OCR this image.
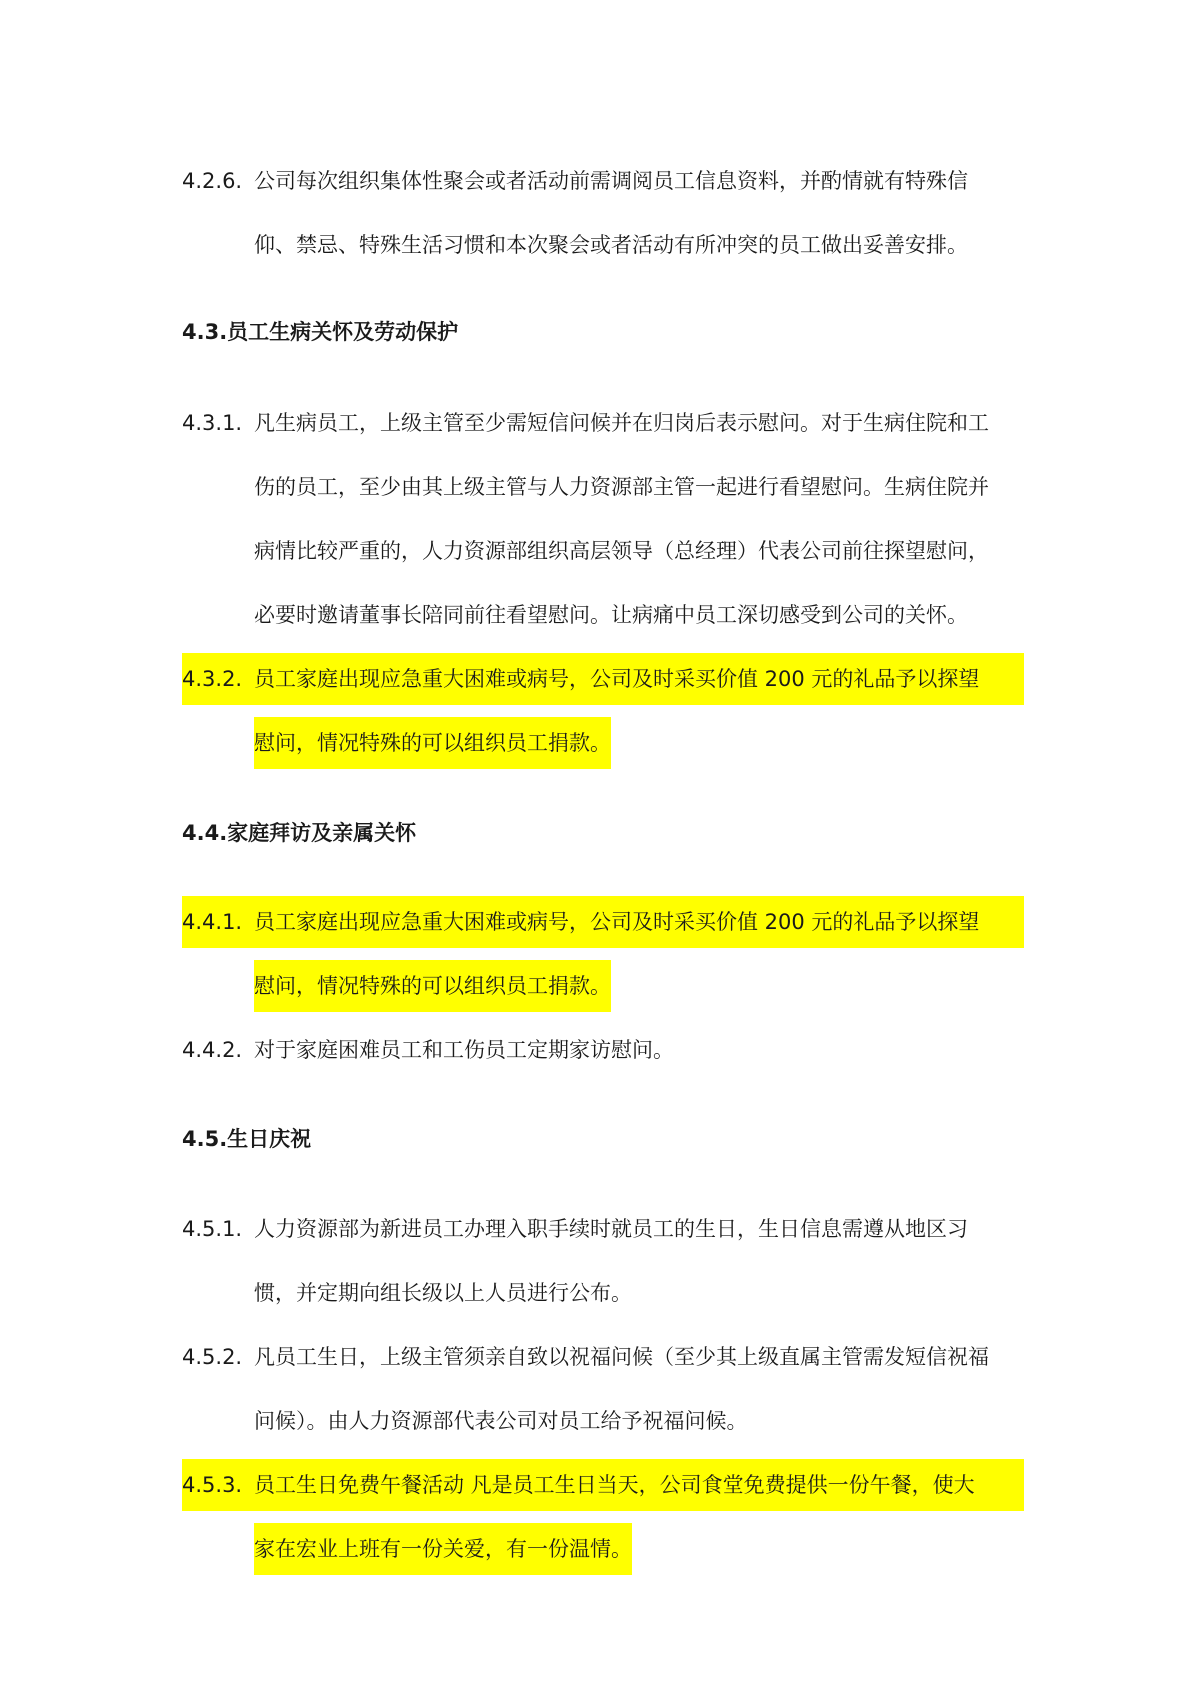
4.2.6. 公司每次组织集体性聚会或者活动前需调阅员工信息资料，并酌情就有特殊信
仰、禁忌、特殊生活习惯和本次聚会或者活动有所冲突的员工做出妥善安排。
4.3.员工生病关怀及劳动保护
4.3.1. 凡生病员工，上级主管至少需短信问候并在归岗后表示慰问。对于生病住院和工
伤的员工，至少由其上级主管与人力资源部主管一起进行看望慰问。生病住院并
病情比较严重的，人力资源部组织高层领导（总经理）代表公司前往探望慰问，
必要时邀请董事长陪同前往看望慰问。让病痛中员工深切感受到公司的关怀。
4.3.2. 员工家庭出现应急重大困难或病号，公司及时采买价值 200 元的礼品予以探望
慰问，情况特殊的可以组织员工捐款。
4.4.家庭拜访及亲属关怀
4.4.1. 员工家庭出现应急重大困难或病号，公司及时采买价值 200 元的礼品予以探望
慰问，情况特殊的可以组织员工捐款。
4.4.2. 对于家庭困难员工和工伤员工定期家访慰问。
4.5.生日庆祝
4.5.1. 人力资源部为新进员工办理入职手续时就员工的生日，生日信息需遵从地区习
惯，并定期向组长级以上人员进行公布。
4.5.2. 凡员工生日，上级主管须亲自致以祝福问候（至少其上级直属主管需发短信祝福
问候）。由人力资源部代表公司对员工给予祝福问候。
4.5.3. 员工生日免费午餐活动 凡是员工生日当天，公司食堂免费提供一份午餐，使大
家在宏业上班有一份关爱，有一份温情。
